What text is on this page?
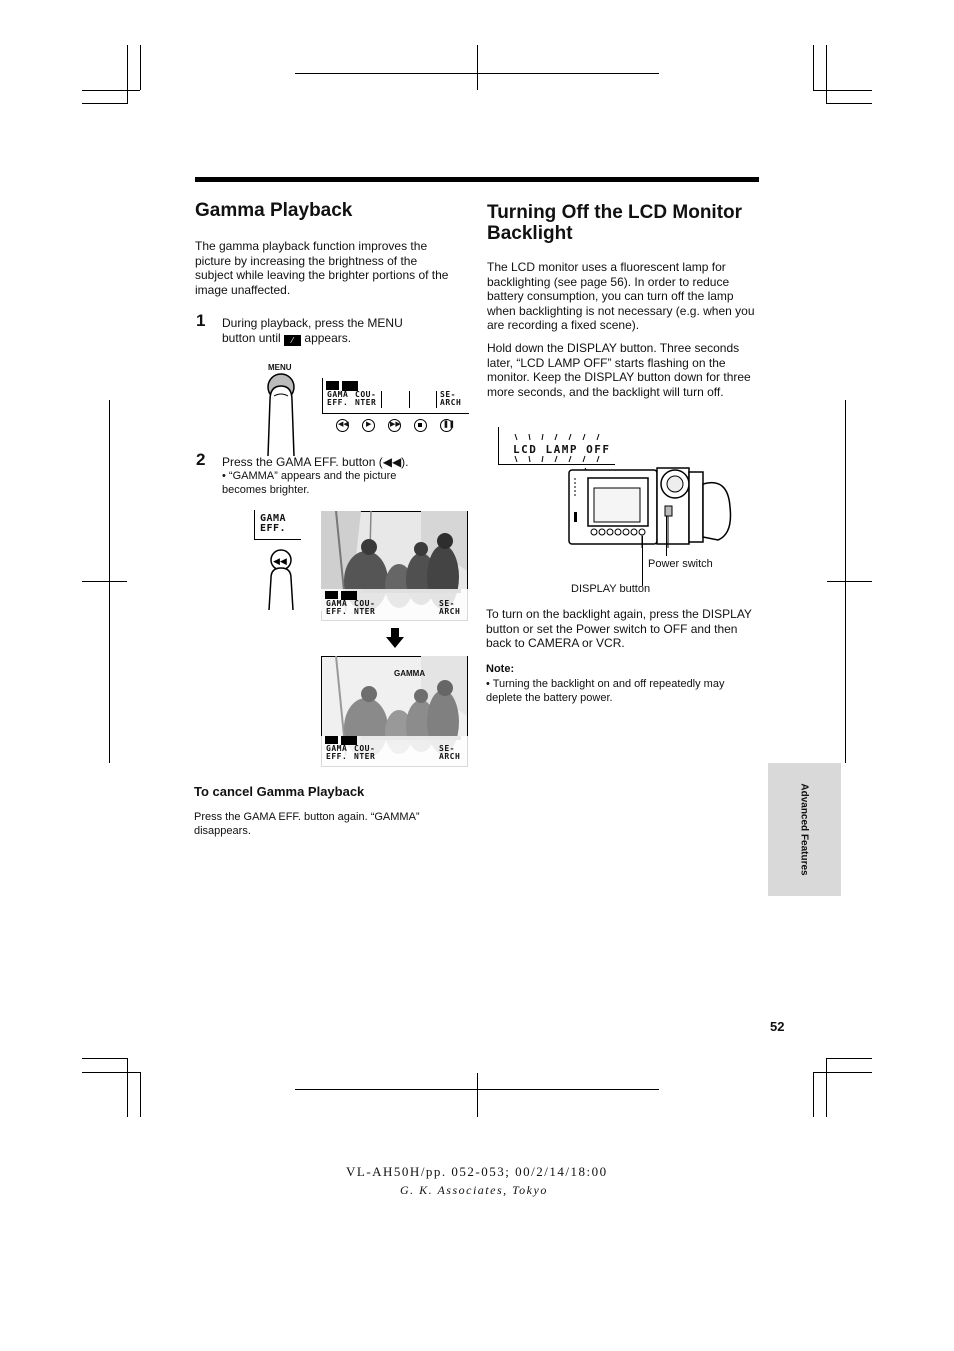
Gamma Playback
The gamma playback function improves the picture by increasing the brightness of the subject while leaving the brighter portions of the image unaffected.
1 During playback, press the MENU
button until ⁄ appears.
MENU
GAMA
EFF.
COU-
NTER
SE-
ARCH
◀◀ ▶	▶▶	❚❚
2 Press the GAMA EFF. button (◀◀).
• “GAMMA” appears and the picture becomes brighter.
GAMA
EFF.
◀◀
GAMA
EFF.
COU-
NTER
SE-
ARCH
GAMMA
GAMA
EFF.
COU-
NTER
SE-
ARCH
To cancel Gamma Playback
Press the GAMA EFF. button again. “GAMMA” disappears.
Turning Off the LCD Monitor Backlight
The LCD monitor uses a fluorescent lamp for backlighting (see page 56). In order to reduce battery consumption, you can turn off the lamp when backlighting is not necessary (e.g. when you are recording a fixed scene).
Hold down the DISPLAY button. Three seconds later, “LCD LAMP OFF” starts flashing on the monitor. Keep the DISPLAY button down for three more seconds, and the backlight will turn off.
LCD LAMP OFF
Power switch
DISPLAY button
To turn on the backlight again, press the DISPLAY button or set the Power switch to OFF and then back to CAMERA or VCR.
Note:
• Turning the backlight on and off repeatedly may deplete the battery power.
Advanced Features
52
VL-AH50H/pp. 052-053; 00/2/14/18:00
G. K. Associates, Tokyo
